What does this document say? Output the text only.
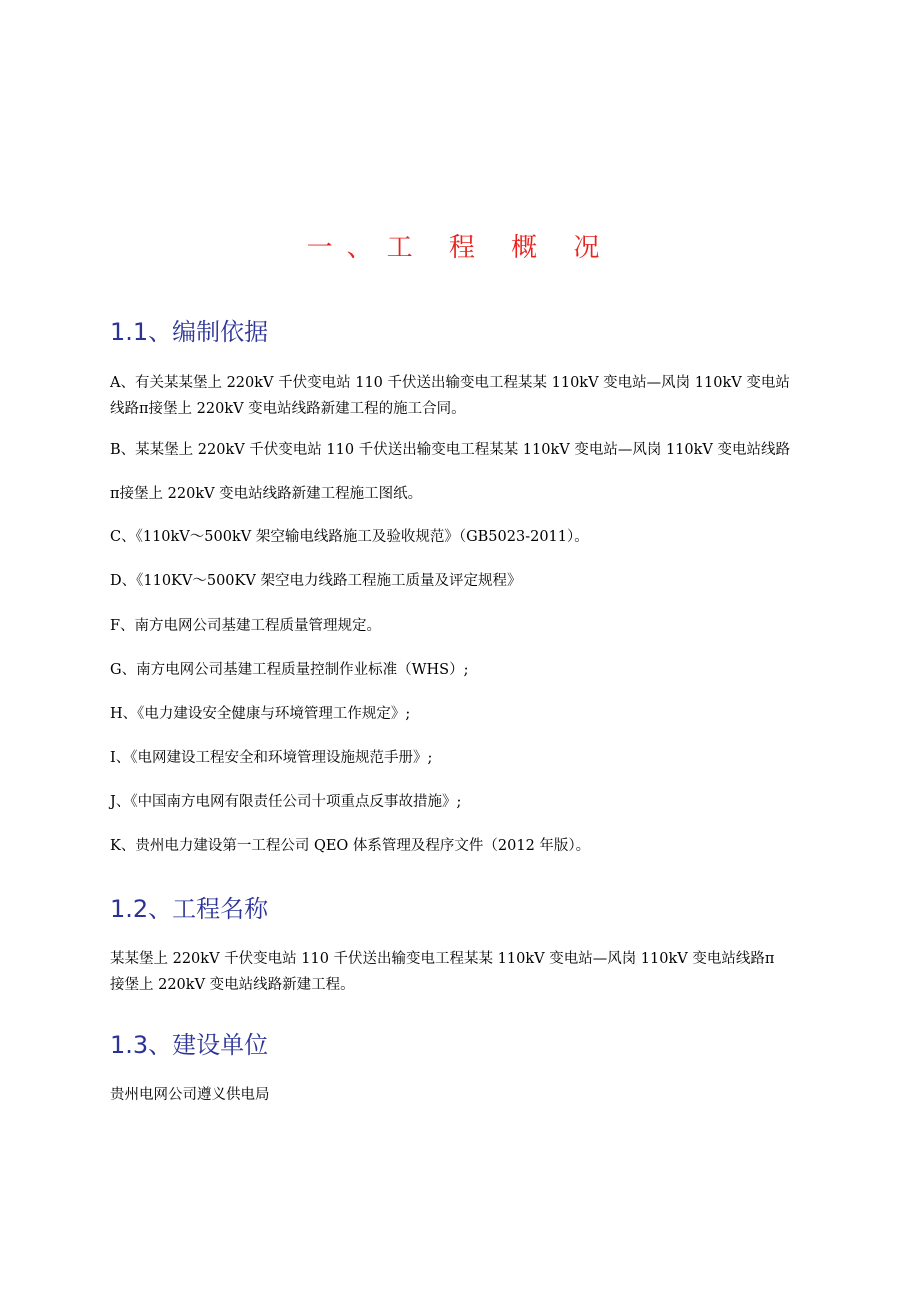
一、工 程 概 况
1.1、编制依据
A、有关某某堡上 220kV 千伏变电站 110 千伏送出输变电工程某某 110kV 变电站—风岗 110kV 变电站
线路π接堡上 220kV 变电站线路新建工程的施工合同。
B、某某堡上 220kV 千伏变电站 110 千伏送出输变电工程某某 110kV 变电站—风岗 110kV 变电站线路
π接堡上 220kV 变电站线路新建工程施工图纸。
C、《110kV～500kV 架空输电线路施工及验收规范》（GB5023-2011）。
D、《110KV～500KV 架空电力线路工程施工质量及评定规程》
F、南方电网公司基建工程质量管理规定。
G、南方电网公司基建工程质量控制作业标准（WHS）;
H、《电力建设安全健康与环境管理工作规定》;
I、《电网建设工程安全和环境管理设施规范手册》;
J、《中国南方电网有限责任公司十项重点反事故措施》;
K、贵州电力建设第一工程公司 QEO 体系管理及程序文件（2012 年版）。
1.2、工程名称
某某堡上 220kV 千伏变电站 110 千伏送出输变电工程某某 110kV 变电站—风岗 110kV 变电站线路π
接堡上 220kV 变电站线路新建工程。
1.3、建设单位
贵州电网公司遵义供电局
